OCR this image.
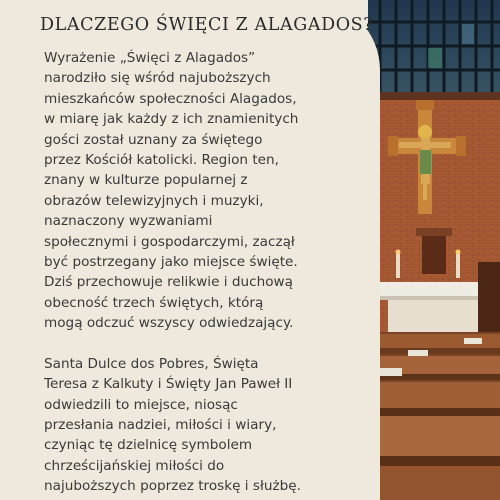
DLACZEGO ŚWIĘCI Z ALAGADOS?
Wyrażenie „Święci z Alagados”
narodziło się wśród najuboższych
mieszkańców społeczności Alagados,
w miarę jak każdy z ich znamienitych
gości został uznany za świętego
przez Kościół katolicki. Region ten,
znany w kulturze popularnej z
obrazów telewizyjnych i muzyki,
naznaczony wyzwaniami
społecznymi i gospodarczymi, zaczął
być postrzegany jako miejsce święte.
Dziś przechowuje relikwie i duchową
obecność trzech świętych, którą
mogą odczuć wszyscy odwiedzający.
Santa Dulce dos Pobres, Święta
Teresa z Kalkuty i Święty Jan Paweł II
odwiedzili to miejsce, niosąc
przesłania nadziei, miłości i wiary,
czyniąc tę dzielnicę symbolem
chrześcijańskiej miłości do
najuboższych poprzez troskę i służbę.
